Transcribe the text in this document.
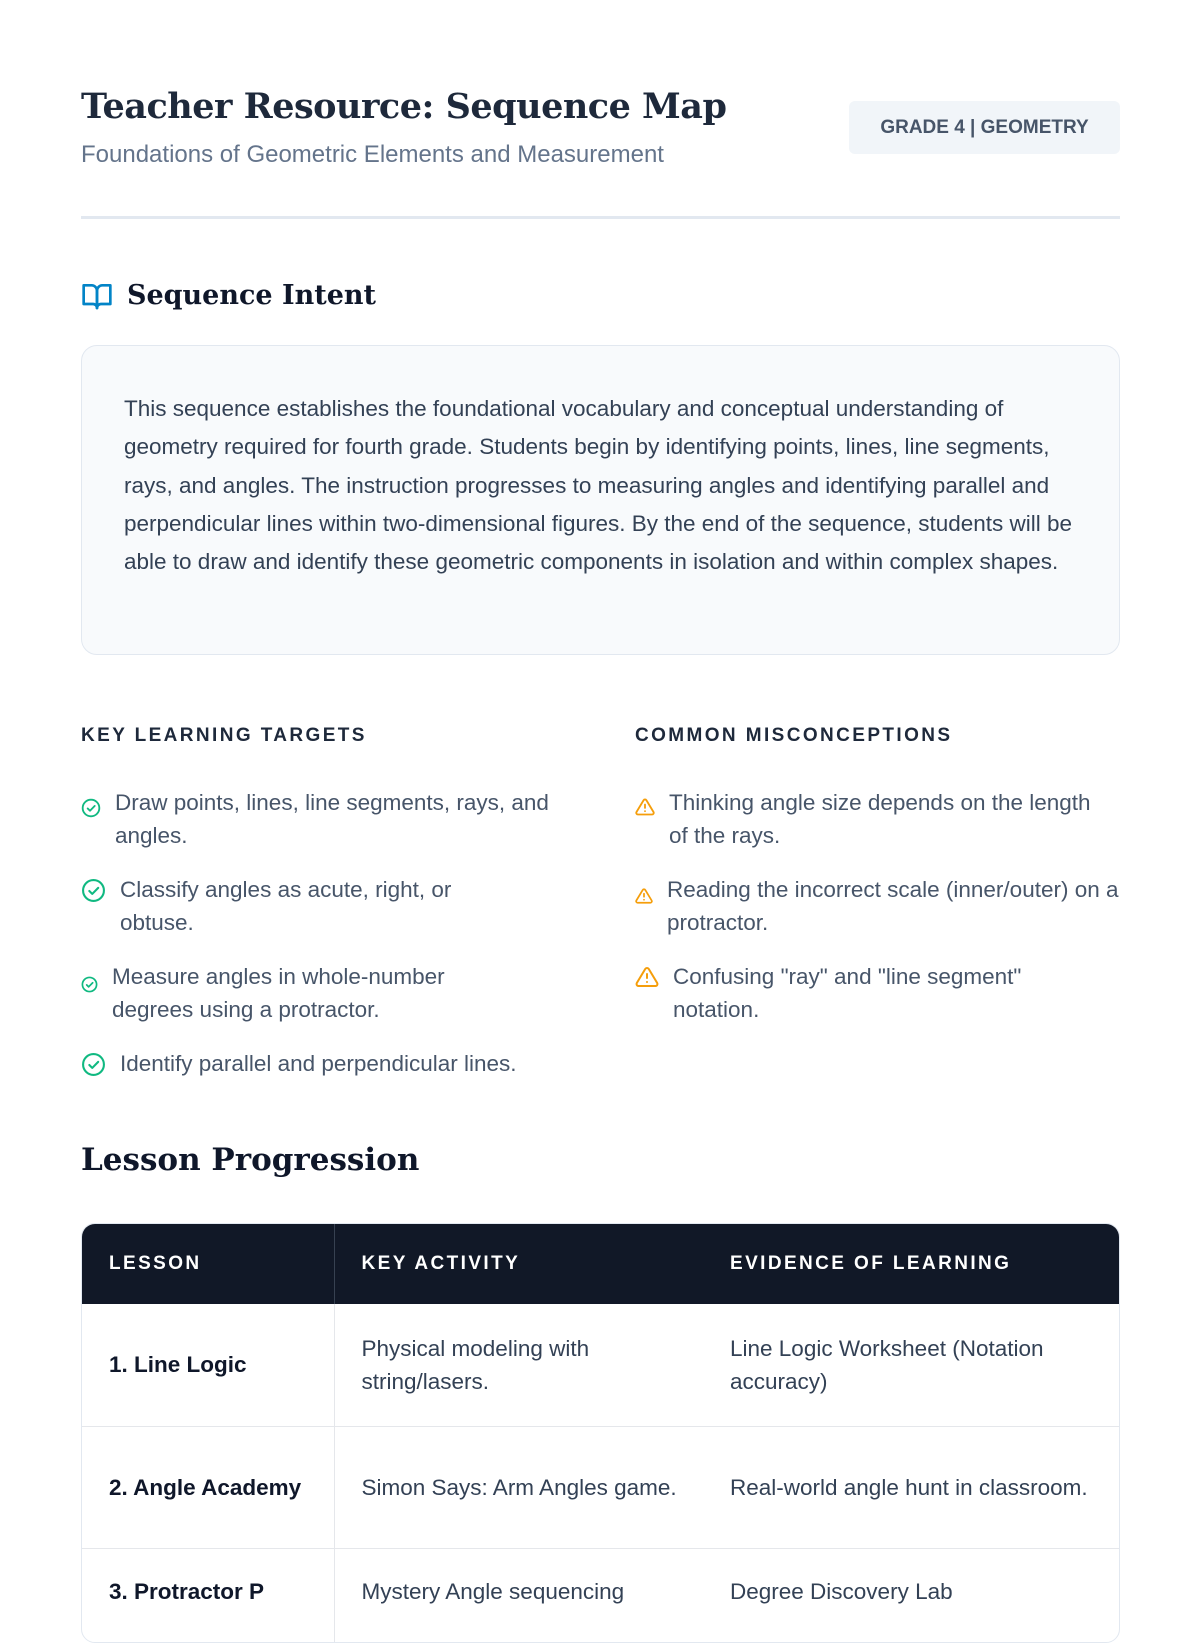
Teacher Resource: Sequence Map
Foundations of Geometric Elements and Measurement
GRADE 4 | GEOMETRY
Sequence Intent

This sequence establishes the foundational vocabulary and conceptual understanding of geometry required for fourth grade. Students begin by identifying points, lines, line segments, rays, and angles. The instruction progresses to measuring angles and identifying parallel and perpendicular lines within two-dimensional figures. By the end of the sequence, students will be able to draw and identify these geometric components in isolation and within complex shapes.

KEY LEARNING TARGETS
Draw points, lines, line segments, rays, and angles.
Classify angles as acute, right, or obtuse.
Measure angles in whole-number degrees using a protractor.
Identify parallel and perpendicular lines.
COMMON MISCONCEPTIONS
Thinking angle size depends on the length of the rays.
Reading the incorrect scale (inner/outer) on a protractor.
Confusing "ray" and "line segment" notation.
Lesson Progression
LESSON	KEY ACTIVITY	EVIDENCE OF LEARNING
1. Line Logic	Physical modeling with string/lasers.	Line Logic Worksheet (Notation accuracy)
2. Angle Academy	Simon Says: Arm Angles game.	Real-world angle hunt in classroom.
3. Protractor P	Mystery Angle sequencing	Degree Discovery Lab
